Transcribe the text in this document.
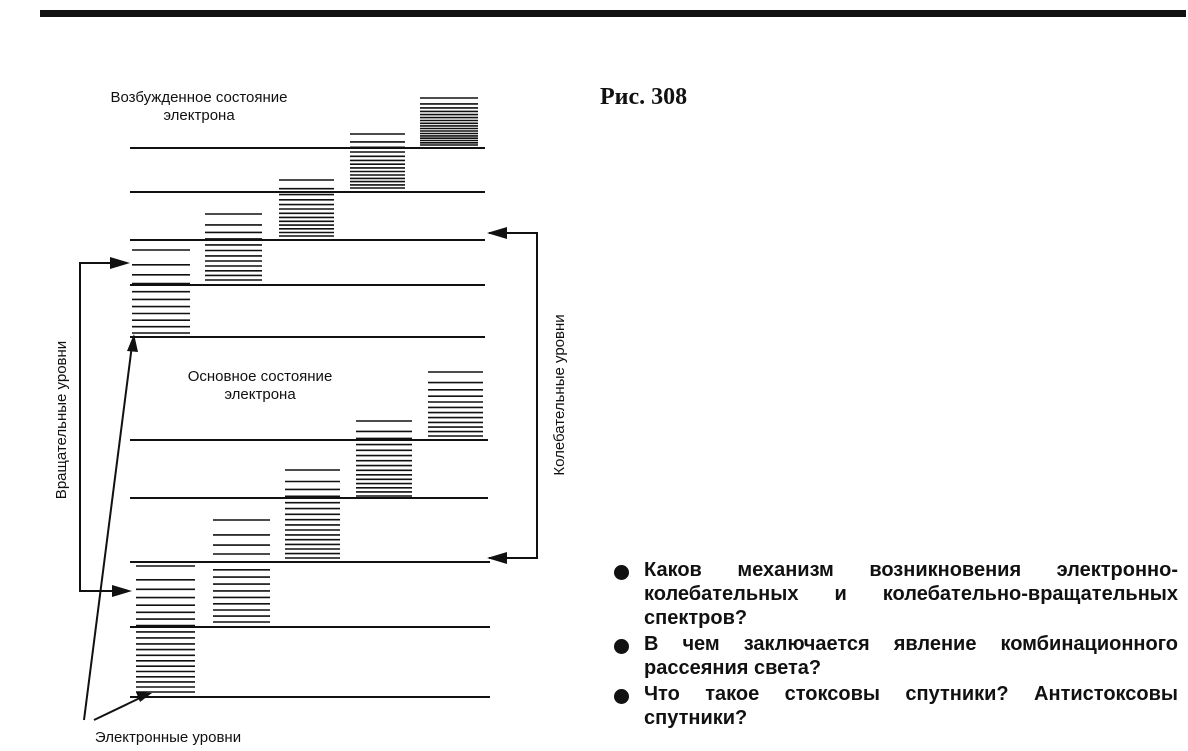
Возбужденное состояние
электрона
Основное состояние
электрона
Вращательные уровни	Колебательные уровни
Электронные уровни
Рис. 308
Каков механизм возникновения электронно-колебательных и колебательно-вращательных спектров?
В чем заключается явление комбинационного рассеяния света?
Что такое стоксовы спутники? Антистоксовы спутники?
